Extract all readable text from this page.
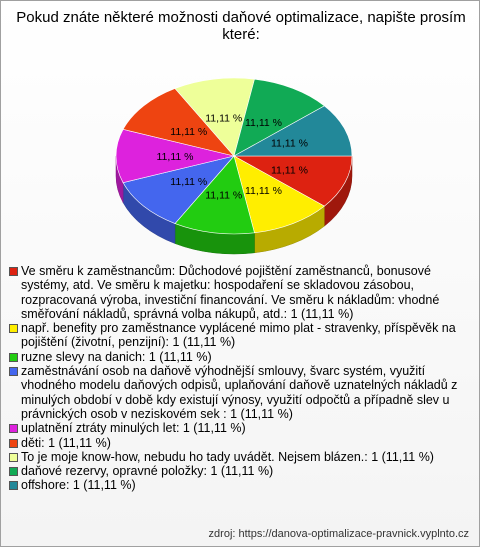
Pokud znáte některé možnosti daňové optimalizace, napište prosím které:
11,11 %
11,11 %
11,11 %
11,11 %
11,11 %
11,11 %
11,11 % 11,11 %
11,11 %
Ve směru k zaměstnancům: Důchodové pojištění zaměstnanců, bonusové systémy, atd. Ve směru k majetku: hospodaření se skladovou zásobou, rozpracovaná výroba, investiční financování. Ve směru k nákladům: vhodné směřování nákladů, správná volba nákupů, atd.: 1 (11,11 %)
např. benefity pro zaměstnance vyplácené mimo plat - stravenky, příspěvěk na pojištění (životní, penzijní): 1 (11,11 %)
ruzne slevy na danich: 1 (11,11 %)
zaměstnávání osob na daňově výhodnější smlouvy, švarc systém, využití vhodného modelu daňových odpisů, uplaňování daňově uznatelných nákladů z minulých období v době kdy existují výnosy, využití odpočtů a případně slev u právnických osob v neziskovém sek : 1 (11,11 %)
uplatnění ztráty minulých let: 1 (11,11 %)
děti: 1 (11,11 %)
To je moje know-how, nebudu ho tady uvádět. Nejsem blázen.: 1 (11,11 %)
daňové rezervy, opravné položky: 1 (11,11 %)
offshore: 1 (11,11 %)
zdroj: https://danova-optimalizace-pravnick.vyplnto.cz
